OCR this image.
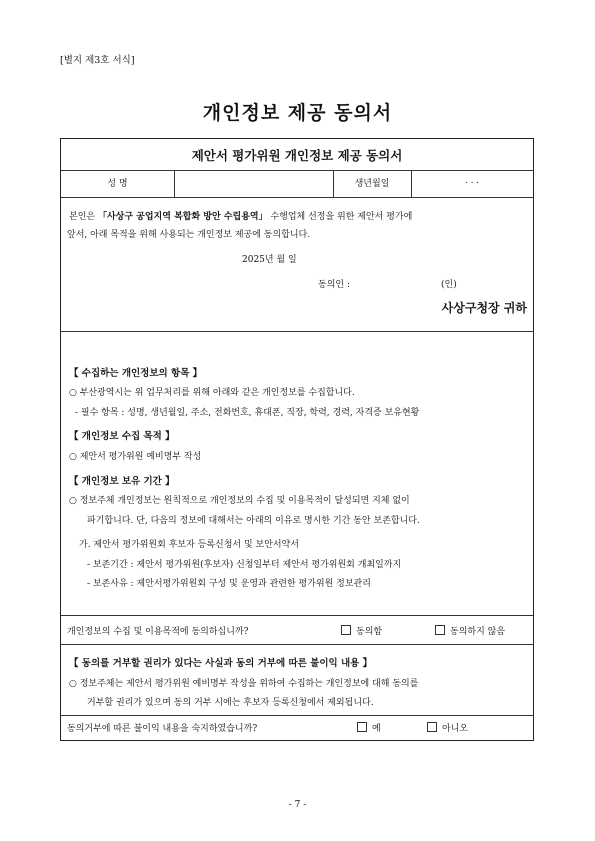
[별지 제3호 서식]
개인정보 제공 동의서
제안서 평가위원 개인정보 제공 동의서
성 명	생년월일	. . .
본인은 「사상구 공업지역 복합화 방안 수립용역」 수행업체 선정을 위한 제안서 평가에
앞서, 아래 목적을 위해 사용되는 개인정보 제공에 동의합니다.
2025년 월 일
동의인 :	(인)
사상구청장 귀하
【 수집하는 개인정보의 항목 】
○ 부산광역시는 위 업무처리를 위해 아래와 같은 개인정보를 수집합니다.
- 필수 항목 : 성명, 생년월일, 주소, 전화번호, 휴대폰, 직장, 학력, 경력, 자격증 보유현황
【 개인정보 수집 목적 】
○ 제안서 평가위원 예비명부 작성
【 개인정보 보유 기간 】
○ 정보주체 개인정보는 원칙적으로 개인정보의 수집 및 이용목적이 달성되면 지체 없이
파기합니다. 단, 다음의 정보에 대해서는 아래의 이유로 명시한 기간 동안 보존합니다.
가. 제안서 평가위원회 후보자 등록신청서 및 보안서약서
- 보존기간 : 제안서 평가위원(후보자) 신청일부터 제안서 평가위원회 개최일까지
- 보존사유 : 제안서평가위원회 구성 및 운영과 관련한 평가위원 정보관리
개인정보의 수집 및 이용목적에 동의하십니까?	동의함	동의하지 않음
【 동의를 거부할 권리가 있다는 사실과 동의 거부에 따른 불이익 내용 】
○ 정보주체는 제안서 평가위원 예비명부 작성을 위하여 수집하는 개인정보에 대해 동의를
거부할 권리가 있으며 동의 거부 시에는 후보자 등록신청에서 제외됩니다.
동의거부에 따른 불이익 내용을 숙지하였습니까?	예	아니오
- 7 -
